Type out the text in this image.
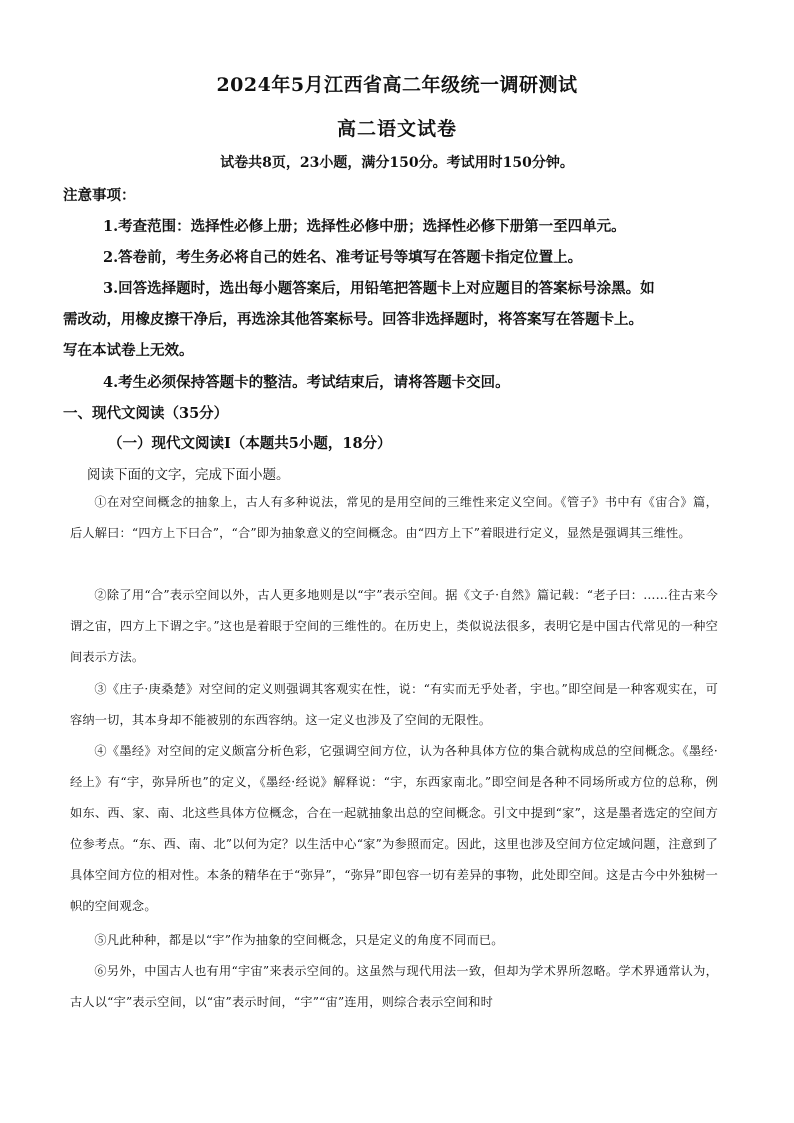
2024年5月江西省高二年级统一调研测试
高二语文试卷
试卷共8页，23小题，满分150分。考试用时150分钟。
注意事项：
1.考查范围：选择性必修上册；选择性必修中册；选择性必修下册第一至四单元。
2.答卷前，考生务必将自己的姓名、准考证号等填写在答题卡指定位置上。
3.回答选择题时，选出每小题答案后，用铅笔把答题卡上对应题目的答案标号涂黑。如
需改动，用橡皮擦干净后，再选涂其他答案标号。回答非选择题时，将答案写在答题卡上。
写在本试卷上无效。
4.考生必须保持答题卡的整洁。考试结束后，请将答题卡交回。
一、现代文阅读（35分）
（一）现代文阅读Ⅰ（本题共5小题，18分）
阅读下面的文字，完成下面小题。

①在对空间概念的抽象上，古人有多种说法，常见的是用空间的三维性来定义空间。《管子》书中有《宙合》篇，后人解曰：“四方上下曰合”，“合”即为抽象意义的空间概念。由“四方上下”着眼进行定义，显然是强调其三维性。

②除了用“合”表示空间以外，古人更多地则是以“宇”表示空间。据《文子·自然》篇记载：“老子曰：……往古来今谓之宙，四方上下谓之宇。”这也是着眼于空间的三维性的。在历史上，类似说法很多，表明它是中国古代常见的一种空间表示方法。

③《庄子·庚桑楚》对空间的定义则强调其客观实在性，说：“有实而无乎处者，宇也。”即空间是一种客观实在，可容纳一切，其本身却不能被别的东西容纳。这一定义也涉及了空间的无限性。

④《墨经》对空间的定义颇富分析色彩，它强调空间方位，认为各种具体方位的集合就构成总的空间概念。《墨经·经上》有“宇，弥异所也”的定义，《墨经·经说》解释说：“宇，东西家南北。”即空间是各种不同场所或方位的总称，例如东、西、家、南、北这些具体方位概念，合在一起就抽象出总的空间概念。引文中提到“家”，这是墨者选定的空间方位参考点。“东、西、南、北”以何为定？以生活中心“家”为参照而定。因此，这里也涉及空间方位定域问题，注意到了具体空间方位的相对性。本条的精华在于“弥异”，“弥异”即包容一切有差异的事物，此处即空间。这是古今中外独树一帜的空间观念。

⑤凡此种种，都是以“宇”作为抽象的空间概念，只是定义的角度不同而已。

⑥另外，中国古人也有用“宇宙”来表示空间的。这虽然与现代用法一致，但却为学术界所忽略。学术界通常认为，古人以“宇”表示空间，以“宙”表示时间，“宇”“宙”连用，则综合表示空间和时
